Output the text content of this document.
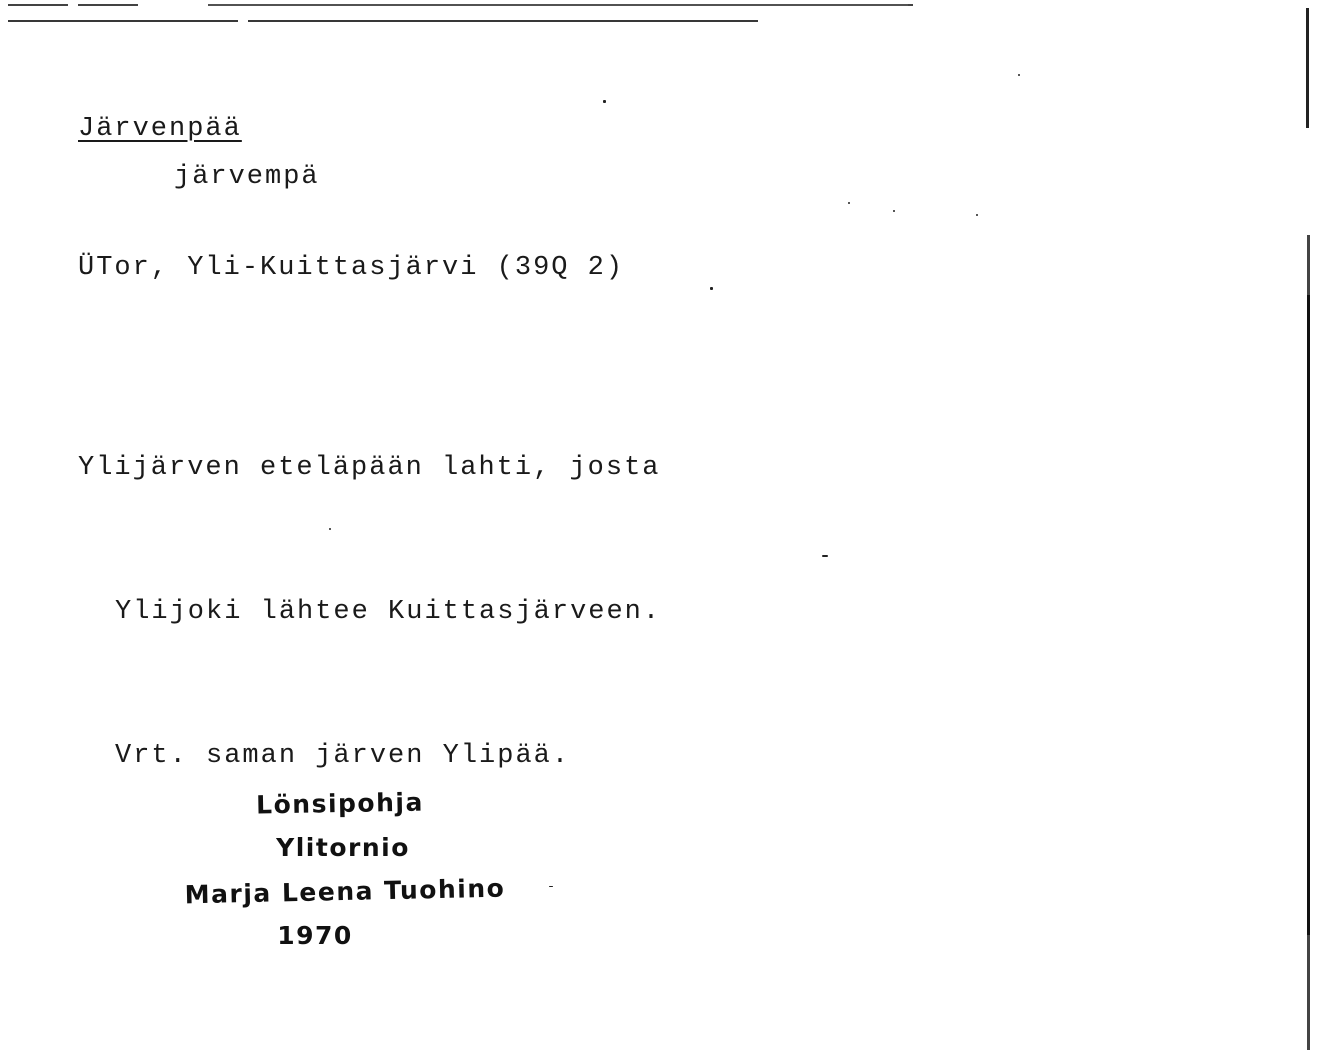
Järvenpää
järvempä
ÜTor, Yli-Kuittasjärvi (39Q 2)

Ylijärven eteläpään lahti, josta

Ylijoki lähtee Kuittasjärveen.

Vrt. saman järven Ylipää.

Lönsipohja
Ylitornio
Marja Leena Tuohino
1970
